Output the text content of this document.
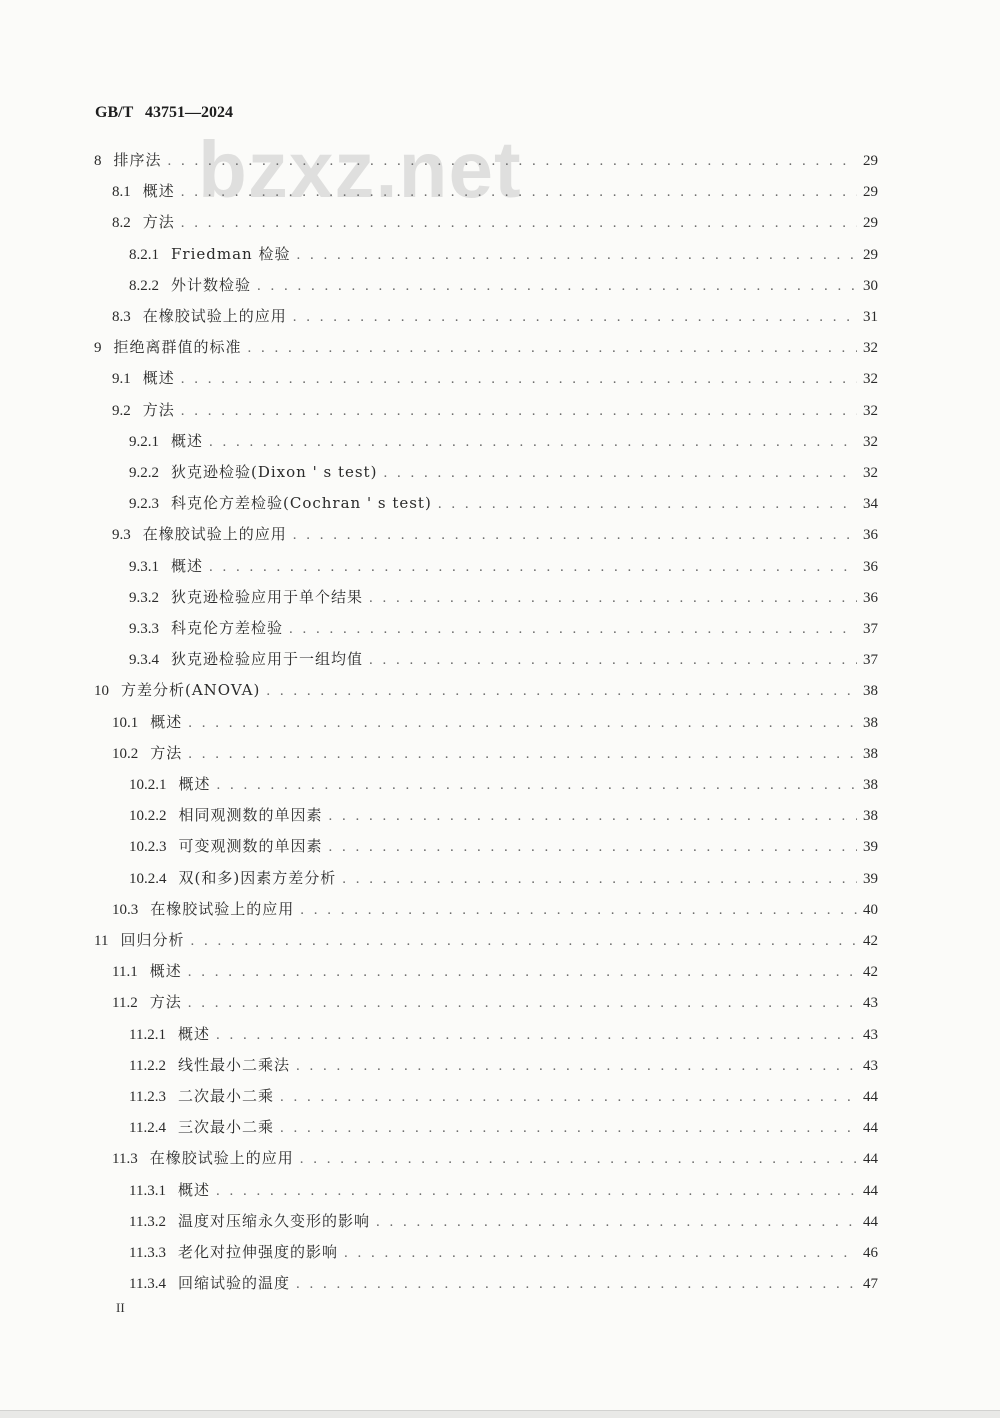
GB/T   43751—2024
bzxz.net
8 排序法 . . .	29
8.1 概述 . . .	29
8.2 方法 . . .	29
8.2.1 Friedman 检验 . . .	29
8.2.2 外计数检验 . . .	30
8.3 在橡胶试验上的应用 . . .	31
9 拒绝离群值的标准 . . .	32
9.1 概述 . . .	32
9.2 方法 . . .	32
9.2.1 概述 . . .	32
9.2.2 狄克逊检验(Dixon ' s test) . . .	32
9.2.3 科克伦方差检验(Cochran ' s test) . . .	34
9.3 在橡胶试验上的应用 . . .	36
9.3.1 概述 . . .	36
9.3.2 狄克逊检验应用于单个结果 . . .	36
9.3.3 科克伦方差检验 . . .	37
9.3.4 狄克逊检验应用于一组均值 . . .	37
10 方差分析(ANOVA) . . .	38
10.1 概述 . . .	38
10.2 方法 . . .	38
10.2.1 概述 . . .	38
10.2.2 相同观测数的单因素 . . .	38
10.2.3 可变观测数的单因素 . . .	39
10.2.4 双(和多)因素方差分析 . . .	39
10.3 在橡胶试验上的应用 . . .	40
11 回归分析 . . .	42
11.1 概述 . . .	42
11.2 方法 . . .	43
11.2.1 概述 . . .	43
11.2.2 线性最小二乘法 . . .	43
11.2.3 二次最小二乘 . . .	44
11.2.4 三次最小二乘 . . .	44
11.3 在橡胶试验上的应用 . . .	44
11.3.1 概述 . . .	44
11.3.2 温度对压缩永久变形的影响 . . .	44
11.3.3 老化对拉伸强度的影响 . . .	46
11.3.4 回缩试验的温度 . . .	47
II
